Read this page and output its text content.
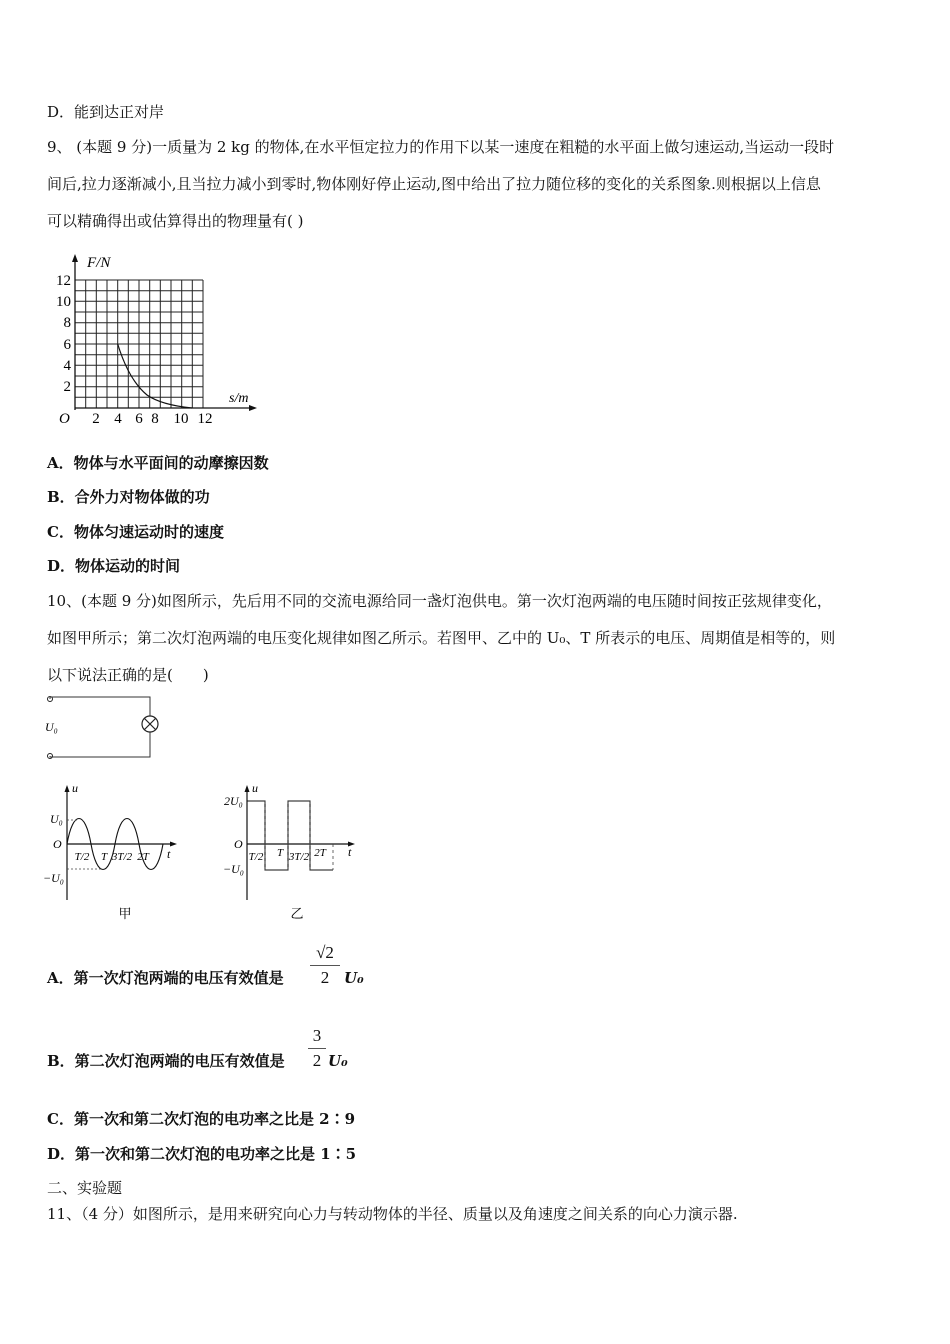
D．能到达正对岸
9、 (本题 9 分)一质量为 2 kg 的物体,在水平恒定拉力的作用下以某一速度在粗糙的水平面上做匀速运动,当运动一段时
间后,拉力逐渐减小,且当拉力减小到零时,物体刚好停止运动,图中给出了拉力随位移的变化的关系图象.则根据以上信息
可以精确得出或估算得出的物理量有( )
F/N
s/m
O
12
10
8
6
4
2
2 4 6 8 10 12
A．物体与水平面间的动摩擦因数
B．合外力对物体做的功
C．物体匀速运动时的速度
D．物体运动的时间
10、(本题 9 分)如图所示，先后用不同的交流电源给同一盏灯泡供电。第一次灯泡两端的电压随时间按正弦规律变化，
如图甲所示；第二次灯泡两端的电压变化规律如图乙所示。若图甲、乙中的 U₀、T 所表示的电压、周期值是相等的，则
以下说法正确的是(　　)
U₀
u
t
O
U₀
−U₀
T/2 T 3T/2 2T
甲
u
t
O
2U₀
−U₀
T/2 T 3T/2 2T
乙
A．第一次灯泡两端的电压有效值是
√2
2 U₀
B．第二次灯泡两端的电压有效值是
3
2 U₀
C．第一次和第二次灯泡的电功率之比是 2∶9
D．第一次和第二次灯泡的电功率之比是 1∶5
二、实验题
11、（4 分）如图所示，是用来研究向心力与转动物体的半径、质量以及角速度之间关系的向心力演示器.
